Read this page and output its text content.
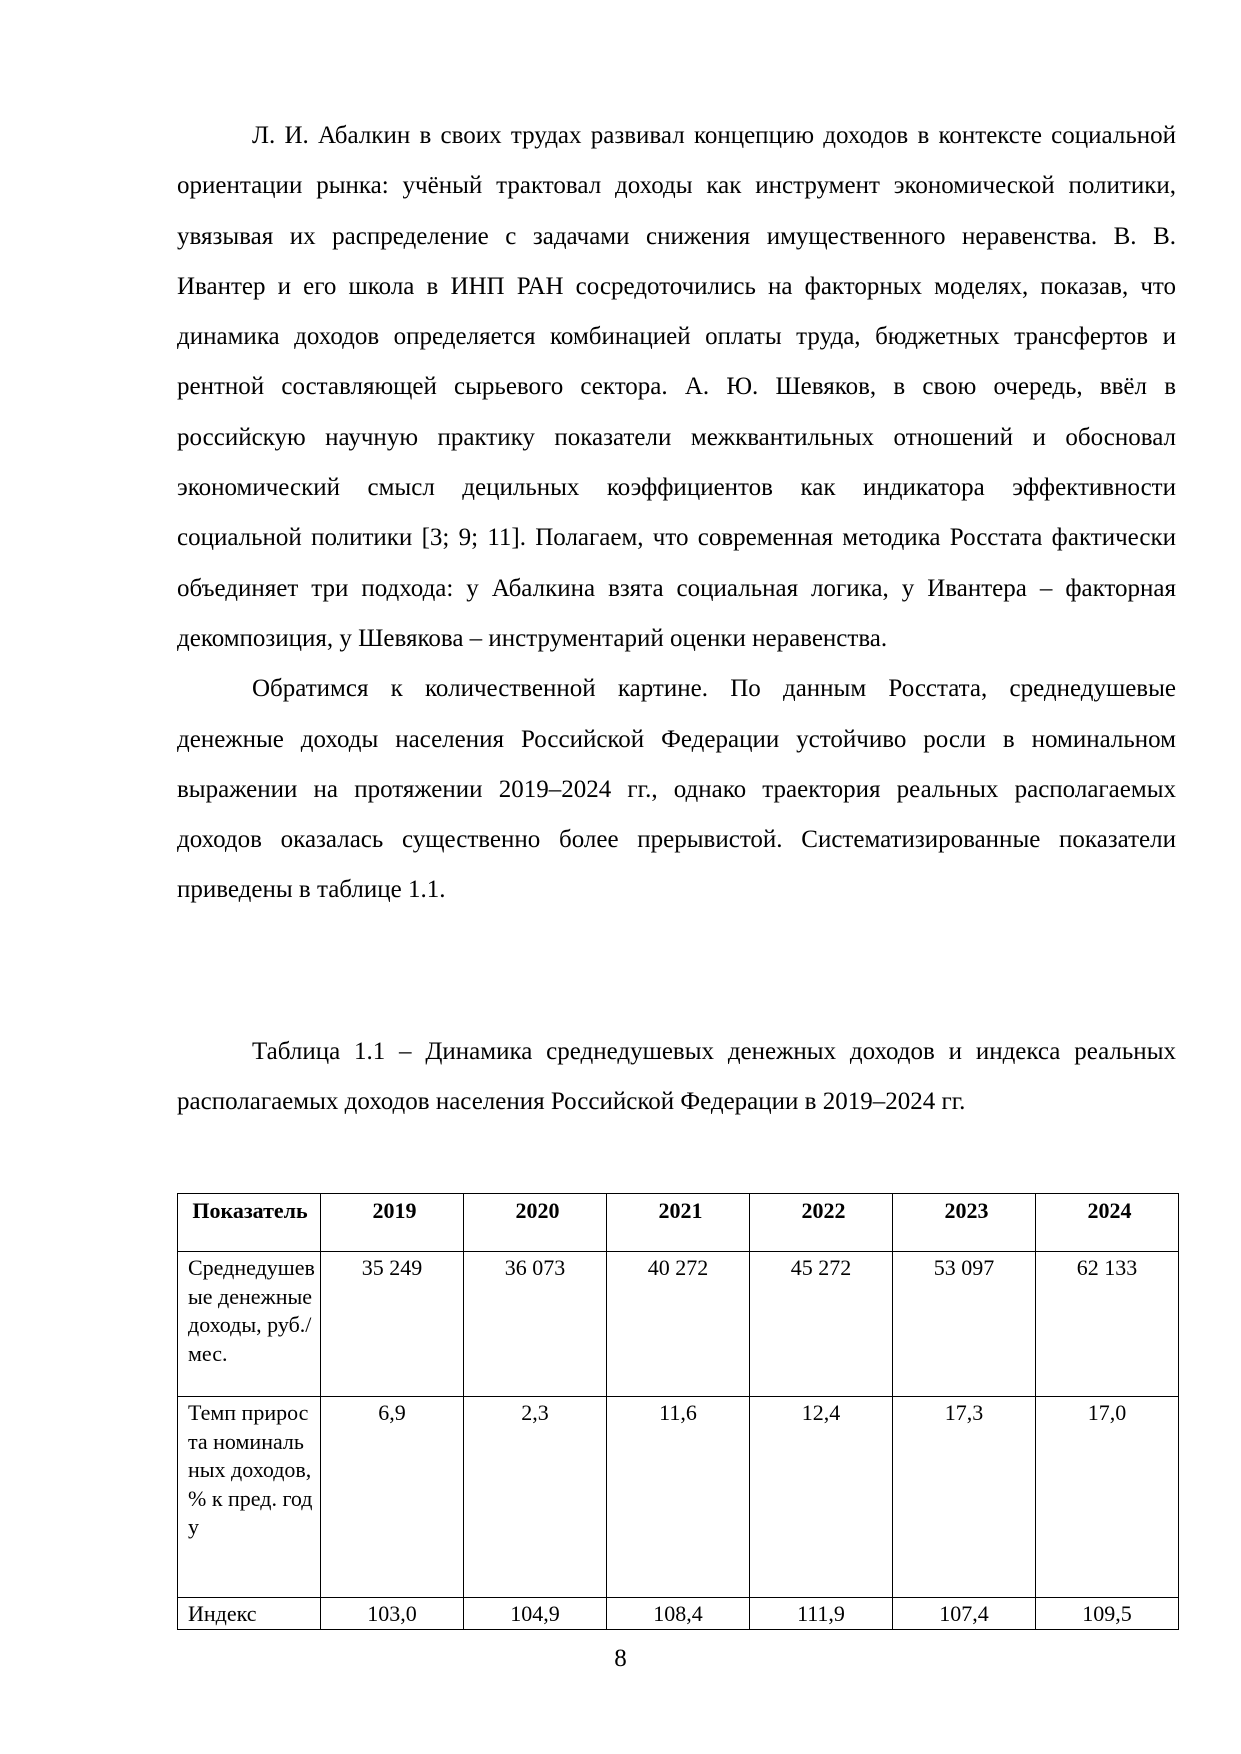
Л. И. Абалкин в своих трудах развивал концепцию доходов в контексте социальной ориентации рынка: учёный трактовал доходы как инструмент экономической политики, увязывая их распределение с задачами снижения имущественного неравенства. В. В. Ивантер и его школа в ИНП РАН сосредоточились на факторных моделях, показав, что динамика доходов определяется комбинацией оплаты труда, бюджетных трансфертов и рентной составляющей сырьевого сектора. А. Ю. Шевяков, в свою очередь, ввёл в российскую научную практику показатели межквантильных отношений и обосновал экономический смысл децильных коэффициентов как индикатора эффективности социальной политики [3; 9; 11]. Полагаем, что современная методика Росстата фактически объединяет три подхода: у Абалкина взята социальная логика, у Ивантера – факторная декомпозиция, у Шевякова – инструментарий оценки неравенства.

Обратимся к количественной картине. По данным Росстата, среднедушевые денежные доходы населения Российской Федерации устойчиво росли в номинальном выражении на протяжении 2019–2024 гг., однако траектория реальных располагаемых доходов оказалась существенно более прерывистой. Систематизированные показатели приведены в таблице 1.1.

Таблица 1.1 – Динамика среднедушевых денежных доходов и индекса реальных располагаемых доходов населения Российской Федерации в 2019–2024 гг.

Показатель	2019	2020	2021	2022	2023	2024
Среднедушевые денежные доходы, руб./мес.	35 249	36 073	40 272	45 272	53 097	62 133
Темп прироста номинальных доходов, % к пред. году	6,9	2,3	11,6	12,4	17,3	17,0
Индекс	103,0	104,9	108,4	111,9	107,4	109,5
8
